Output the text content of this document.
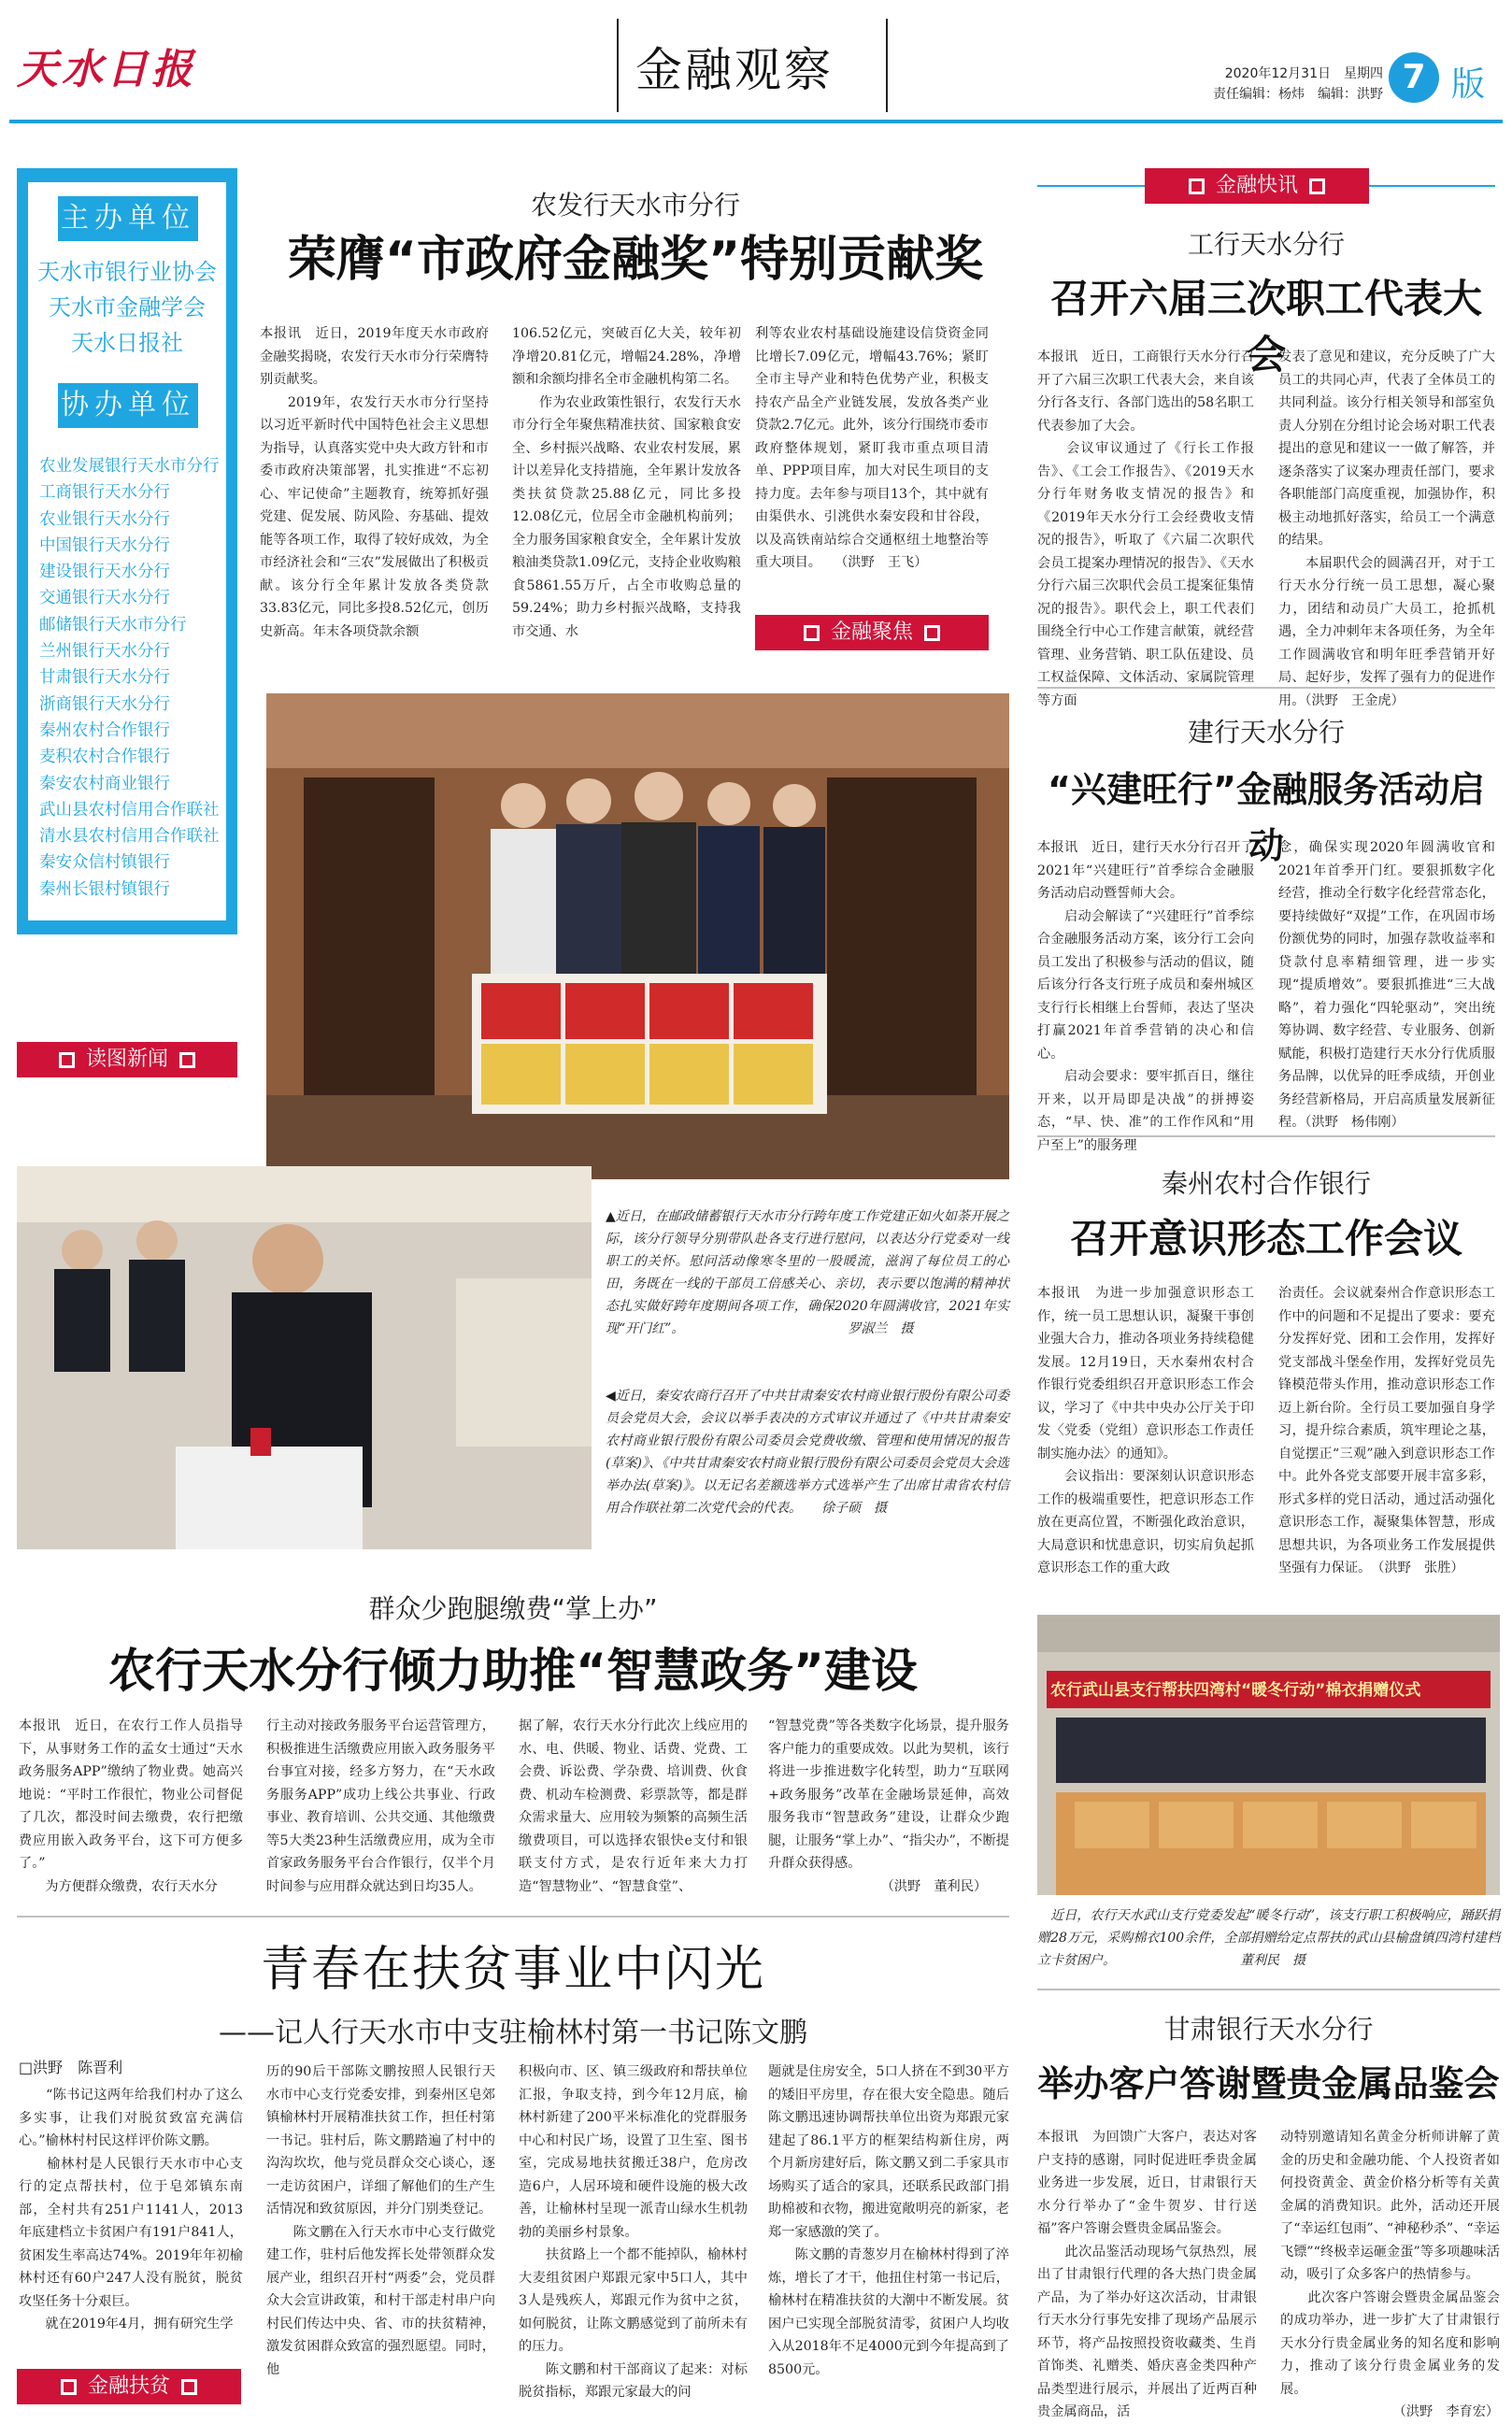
天水日报	金融观察	2020年12月31日　星期四
责任编辑：杨炜　编辑：洪野 7 版
主办单位
天水市银行业协会
天水市金融学会
天水日报社
协办单位
农业发展银行天水市分行
工商银行天水分行
农业银行天水分行
中国银行天水分行
建设银行天水分行
交通银行天水分行
邮储银行天水市分行
兰州银行天水分行
甘肃银行天水分行
浙商银行天水分行
秦州农村合作银行
麦积农村合作银行
秦安农村商业银行
武山县农村信用合作联社
清水县农村信用合作联社
秦安众信村镇银行
秦州长银村镇银行
农发行天水市分行
荣膺“市政府金融奖”特别贡献奖
本报讯　近日，2019年度天水市政府金融奖揭晓，农发行天水市分行荣膺特别贡献奖。
　　2019年，农发行天水市分行坚持以习近平新时代中国特色社会主义思想为指导，认真落实党中央大政方针和市委市政府决策部署，扎实推进“不忘初心、牢记使命”主题教育，统筹抓好强党建、促发展、防风险、夯基础、提效能等各项工作，取得了较好成效，为全市经济社会和“三农”发展做出了积极贡献。该分行全年累计发放各类贷款33.83亿元，同比多投8.52亿元，创历史新高。年末各项贷款余额
106.52亿元，突破百亿大关，较年初净增20.81亿元，增幅24.28%，净增额和余额均排名全市金融机构第二名。
　　作为农业政策性银行，农发行天水市分行全年聚焦精准扶贫、国家粮食安全、乡村振兴战略、农业农村发展，累计以差异化支持措施，全年累计发放各类扶贫贷款25.88亿元，同比多投12.08亿元，位居全市金融机构前列；全力服务国家粮食安全，全年累计发放粮油类贷款1.09亿元，支持企业收购粮食5861.55万斤，占全市收购总量的59.24%；助力乡村振兴战略，支持我市交通、水
利等农业农村基础设施建设信贷资金同比增长7.09亿元，增幅43.76%；紧盯全市主导产业和特色优势产业，积极支持农产品全产业链发展，发放各类产业贷款2.7亿元。此外，该分行围绕市委市政府整体规划，紧盯我市重点项目清单、PPP项目库，加大对民生项目的支持力度。去年参与项目13个，其中就有由渠供水、引洮供水秦安段和甘谷段，以及高铁南站综合交通枢纽土地整治等重大项目。　　（洪野　王飞）
金融聚焦
金融快讯
工行天水分行
召开六届三次职工代表大会
本报讯　近日，工商银行天水分行召开了六届三次职工代表大会，来自该分行各支行、各部门选出的58名职工代表参加了大会。
　　会议审议通过了《行长工作报告》、《工会工作报告》、《2019天水分行年财务收支情况的报告》和《2019年天水分行工会经费收支情况的报告》，听取了《六届二次职代会员工提案办理情况的报告》、《天水分行六届三次职代会员工提案征集情况的报告》。职代会上，职工代表们围绕全行中心工作建言献策，就经营管理、业务营销、职工队伍建设、员工权益保障、文体活动、家属院管理等方面
发表了意见和建议，充分反映了广大员工的共同心声，代表了全体员工的共同利益。该分行相关领导和部室负责人分别在分组讨论会场对职工代表提出的意见和建议一一做了解答，并逐条落实了议案办理责任部门，要求各职能部门高度重视，加强协作，积极主动地抓好落实，给员工一个满意的结果。
　　本届职代会的圆满召开，对于工行天水分行统一员工思想，凝心聚力，团结和动员广大员工，抢抓机遇，全力冲刺年末各项任务，为全年工作圆满收官和明年旺季营销开好局、起好步，发挥了强有力的促进作用。（洪野　王金虎）
建行天水分行
“兴建旺行”金融服务活动启动
本报讯　近日，建行天水分行召开了2021年“兴建旺行”首季综合金融服务活动启动暨誓师大会。
　　启动会解读了“兴建旺行”首季综合金融服务活动方案，该分行工会向员工发出了积极参与活动的倡议，随后该分行各支行班子成员和秦州城区支行行长相继上台誓师，表达了坚决打赢2021年首季营销的决心和信心。
　　启动会要求：要牢抓百日，继往开来，以开局即是决战”的拼搏姿态，“早、快、准”的工作作风和“用户至上”的服务理
念，确保实现2020年圆满收官和2021年首季开门红。要狠抓数字化经营，推动全行数字化经营常态化，要持续做好“双提”工作，在巩固市场份额优势的同时，加强存款收益率和贷款付息率精细管理，进一步实现“提质增效”。要狠抓推进“三大战略”，着力强化“四轮驱动”，突出统筹协调、数字经营、专业服务、创新赋能，积极打造建行天水分行优质服务品牌，以优异的旺季成绩，开创业务经营新格局，开启高质量发展新征程。（洪野　杨伟刚）
秦州农村合作银行
召开意识形态工作会议
本报讯　为进一步加强意识形态工作，统一员工思想认识，凝聚干事创业强大合力，推动各项业务持续稳健发展。12月19日，天水秦州农村合作银行党委组织召开意识形态工作会议，学习了《中共中央办公厅关于印发〈党委（党组）意识形态工作责任制实施办法〉的通知》。
　　会议指出：要深刻认识意识形态工作的极端重要性，把意识形态工作放在更高位置，不断强化政治意识，大局意识和忧患意识，切实肩负起抓意识形态工作的重大政
治责任。会议就秦州合作意识形态工作中的问题和不足提出了要求：要充分发挥好党、团和工会作用，发挥好党支部战斗堡垒作用，发挥好党员先锋模范带头作用，推动意识形态工作迈上新台阶。全行员工要加强自身学习，提升综合素质，筑牢理论之基，自觉摆正“三观”融入到意识形态工作中。此外各党支部要开展丰富多彩，形式多样的党日活动，通过活动强化意识形态工作，凝聚集体智慧，形成思想共识，为各项业务工作发展提供坚强有力保证。　（洪野　张胜）
读图新闻
▲近日，在邮政储蓄银行天水市分行跨年度工作党建正如火如荼开展之际，该分行领导分别带队赴各支行进行慰问，以表达分行党委对一线职工的关怀。慰问活动像寒冬里的一股暖流，滋润了每位员工的心田，务既在一线的干部员工倍感关心、亲切，表示要以饱满的精神状态扎实做好跨年度期间各项工作，确保2020年圆满收官，2021年实现“开门红”。　　　　　　　　　　　　　罗淑兰　摄
◀近日，秦安农商行召开了中共甘肃秦安农村商业银行股份有限公司委员会党员大会，会议以举手表决的方式审议并通过了《中共甘肃秦安农村商业银行股份有限公司委员会党费收缴、管理和使用情况的报告(草案)》、《中共甘肃秦安农村商业银行股份有限公司委员会党员大会选举办法(草案)》。以无记名差额选举方式选举产生了出席甘肃省农村信用合作联社第二次党代会的代表。　　徐子硕　摄
群众少跑腿缴费“掌上办”
农行天水分行倾力助推“智慧政务”建设
本报讯　近日，在农行工作人员指导下，从事财务工作的孟女士通过“天水政务服务APP”缴纳了物业费。她高兴地说：“平时工作很忙，物业公司督促了几次，都没时间去缴费，农行把缴费应用嵌入政务平台，这下可方便多了。”
　　为方便群众缴费，农行天水分
行主动对接政务服务平台运营管理方，积极推进生活缴费应用嵌入政务服务平台事宜对接，经多方努力，在“天水政务服务APP”成功上线公共事业、行政事业、教育培训、公共交通、其他缴费等5大类23种生活缴费应用，成为全市首家政务服务平台合作银行，仅半个月时间参与应用群众就达到日均35人。
据了解，农行天水分行此次上线应用的水、电、供暖、物业、话费、党费、工会费、诉讼费、学杂费、培训费、伙食费、机动车检测费、彩票款等，都是群众需求量大、应用较为频繁的高频生活缴费项目，可以选择农银快e支付和银联支付方式，是农行近年来大力打造“智慧物业”、“智慧食堂”、
“智慧党费”等各类数字化场景，提升服务客户能力的重要成效。以此为契机，该行将进一步推进数字化转型，助力“互联网+政务服务”改革在金融场景延伸，高效服务我市“智慧政务”建设，让群众少跑腿，让服务“掌上办”、“指尖办”，不断提升群众获得感。
　　　　　　　　　（洪野　董利民）
农行武山县支行帮扶四湾村“暖冬行动”棉衣捐赠仪式
　近日，农行天水武山支行党委发起“暖冬行动”，该支行职工积极响应，踊跃捐赠28万元，采购棉衣100余件，全部捐赠给定点帮扶的武山县榆盘镇四湾村建档立卡贫困户。　　　　　　　　　　董利民　摄
青春在扶贫事业中闪光
——记人行天水市中支驻榆林村第一书记陈文鹏
□洪野　陈晋利
　　“陈书记这两年给我们村办了这么多实事，让我们对脱贫致富充满信心。”榆林村村民这样评价陈文鹏。
　　榆林村是人民银行天水市中心支行的定点帮扶村，位于皂郊镇东南部，全村共有251户1141人，2013年底建档立卡贫困户有191户841人，贫困发生率高达74%。2019年年初榆林村还有60户247人没有脱贫，脱贫攻坚任务十分艰巨。
　　就在2019年4月，拥有研究生学
历的90后干部陈文鹏按照人民银行天水市中心支行党委安排，到秦州区皂郊镇榆林村开展精准扶贫工作，担任村第一书记。驻村后，陈文鹏踏遍了村中的沟沟坎坎，他与党员群众交心谈心，逐一走访贫困户，详细了解他们的生产生活情况和致贫原因，并分门别类登记。
　　陈文鹏在入行天水市中心支行做党建工作，驻村后他发挥长处带领群众发展产业，组织召开村“两委”会，党员群众大会宣讲政策，和村干部走村串户向村民们传达中央、省、市的扶贫精神，激发贫困群众致富的强烈愿望。同时，他
积极向市、区、镇三级政府和帮扶单位汇报，争取支持，到今年12月底，榆林村新建了200平米标准化的党群服务中心和村民广场，设置了卫生室、图书室，完成易地扶贫搬迁38户，危房改造6户，人居环境和硬件设施的极大改善，让榆林村呈现一派青山绿水生机勃勃的美丽乡村景象。
　　扶贫路上一个都不能掉队，榆林村大麦组贫困户郑跟元家中5口人，其中3人是残疾人，郑跟元作为贫中之贫，如何脱贫，让陈文鹏感觉到了前所未有的压力。
　　陈文鹏和村干部商议了起来：对标脱贫指标，郑跟元家最大的问
题就是住房安全，5口人挤在不到30平方的矮旧平房里，存在很大安全隐患。随后陈文鹏迅速协调帮扶单位出资为郑跟元家建起了86.1平方的框架结构新住房，两个月新房建好后，陈文鹏又到二手家具市场购买了适合的家具，还联系民政部门捐助棉被和衣物，搬进宽敞明亮的新家，老郑一家感激的笑了。
　　陈文鹏的青葱岁月在榆林村得到了淬炼，增长了才干，他扭住村第一书记后，榆林村在精准扶贫的大潮中不断发展。贫困户已实现全部脱贫清零，贫困户人均收入从2018年不足4000元到今年提高到了8500元。
金融扶贫
甘肃银行天水分行
举办客户答谢暨贵金属品鉴会
本报讯　为回馈广大客户，表达对客户支持的感谢，同时促进旺季贵金属业务进一步发展，近日，甘肃银行天水分行举办了“金牛贺岁、甘行送福”客户答谢会暨贵金属品鉴会。
　　此次品鉴活动现场气氛热烈，展出了甘肃银行代理的各大热门贵金属产品，为了举办好这次活动，甘肃银行天水分行事先安排了现场产品展示环节，将产品按照投资收藏类、生肖首饰类、礼赠类、婚庆喜金类四种产品类型进行展示，并展出了近两百种贵金属商品，活
动特别邀请知名黄金分析师讲解了黄金的历史和金融功能、个人投资者如何投资黄金、黄金价格分析等有关黄金属的消费知识。此外，活动还开展了“幸运红包雨”、“神秘秒杀”、“幸运飞镖”“终极幸运砸金蛋”等多项趣味活动，吸引了众多客户的热情参与。
　　此次客户答谢会暨贵金属品鉴会的成功举办，进一步扩大了甘肃银行天水分行贵金属业务的知名度和影响力，推动了该分行贵金属业务的发展。
　　　　　　　　　（洪野　李育宏）
